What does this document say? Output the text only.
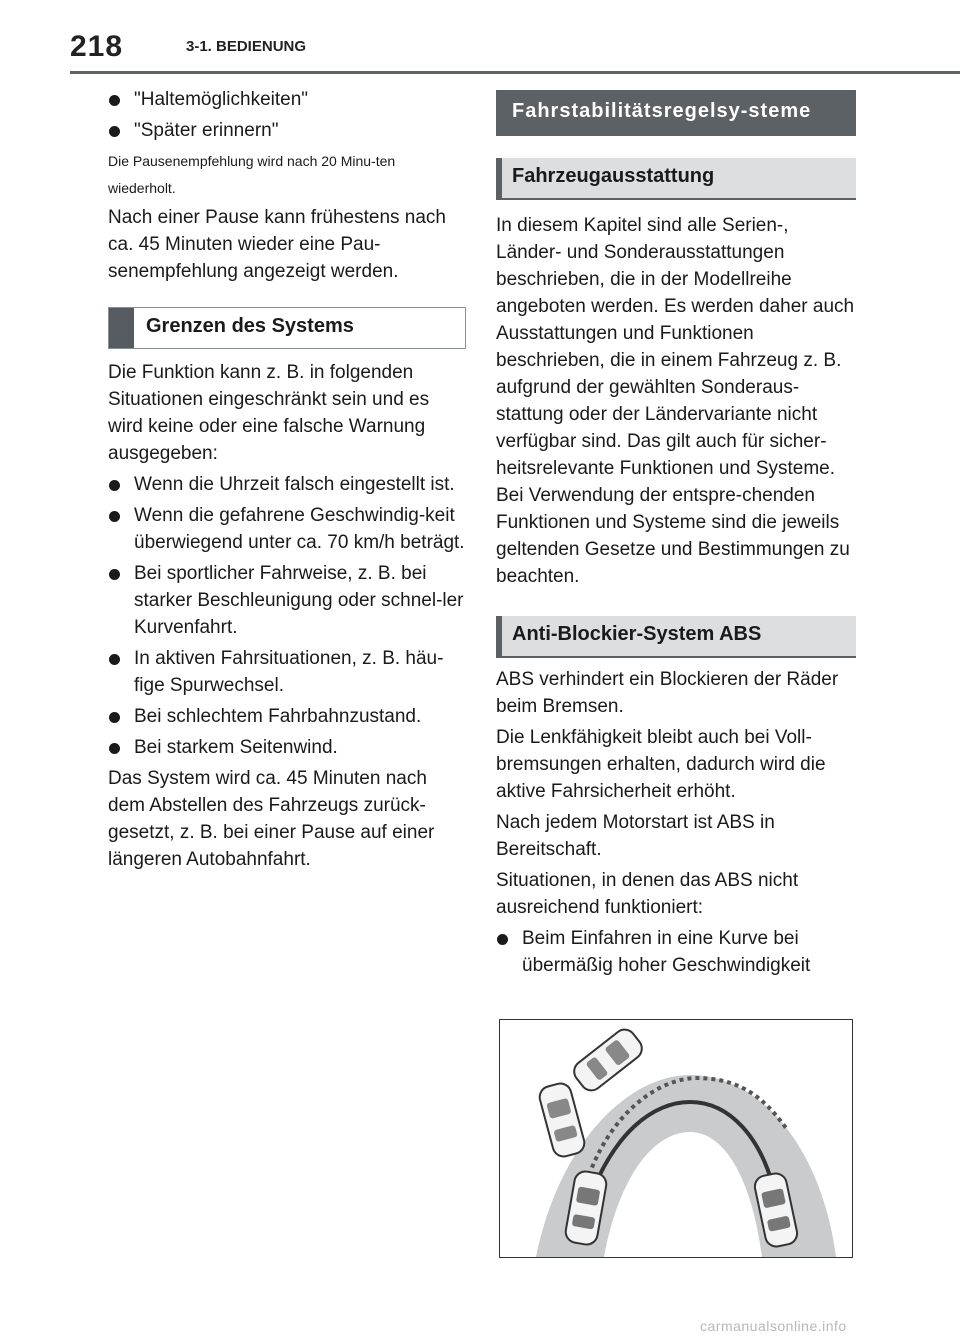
218	3-1. BEDIENUNG
"Haltemöglichkeiten"
"Später erinnern"

Die Pausenempfehlung wird nach 20 Minu-ten wiederholt.

Nach einer Pause kann frühestens nach ca. 45 Minuten wieder eine Pau-senempfehlung angezeigt werden.

Grenzen des Systems

Die Funktion kann z. B. in folgenden Situationen eingeschränkt sein und es wird keine oder eine falsche Warnung ausgegeben:

Wenn die Uhrzeit falsch eingestellt ist.
Wenn die gefahrene Geschwindig-keit überwiegend unter ca. 70 km/h beträgt.
Bei sportlicher Fahrweise, z. B. bei starker Beschleunigung oder schnel-ler Kurvenfahrt.
In aktiven Fahrsituationen, z. B. häu-fige Spurwechsel.
Bei schlechtem Fahrbahnzustand.
Bei starkem Seitenwind.

Das System wird ca. 45 Minuten nach dem Abstellen des Fahrzeugs zurück-gesetzt, z. B. bei einer Pause auf einer längeren Autobahnfahrt.

Fahrstabilitätsregelsy-steme
Fahrzeugausstattung

In diesem Kapitel sind alle Serien-, Länder- und Sonderausstattungen beschrieben, die in der Modellreihe angeboten werden. Es werden daher auch Ausstattungen und Funktionen beschrieben, die in einem Fahrzeug z. B. aufgrund der gewählten Sonderaus-stattung oder der Ländervariante nicht verfügbar sind. Das gilt auch für sicher-heitsrelevante Funktionen und Systeme. Bei Verwendung der entspre-chenden Funktionen und Systeme sind die jeweils geltenden Gesetze und Bestimmungen zu beachten.

Anti-Blockier-System ABS

ABS verhindert ein Blockieren der Räder beim Bremsen.

Die Lenkfähigkeit bleibt auch bei Voll-bremsungen erhalten, dadurch wird die aktive Fahrsicherheit erhöht.

Nach jedem Motorstart ist ABS in Bereitschaft.

Situationen, in denen das ABS nicht ausreichend funktioniert:

Beim Einfahren in eine Kurve bei übermäßig hoher Geschwindigkeit
carmanualsonline.info
